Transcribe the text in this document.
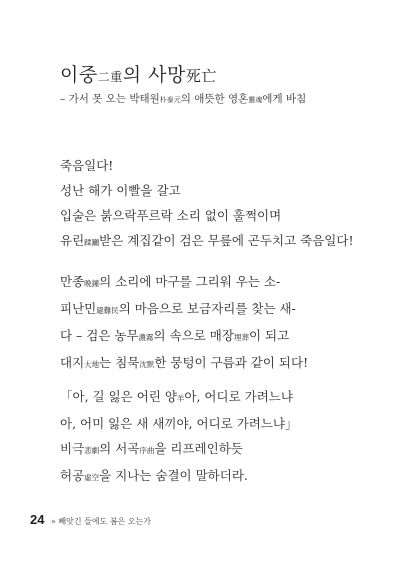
이중二重의 사망死亡
– 가서 못 오는 박태원朴泰元의 애뜻한 영혼靈魂에게 바침
죽음일다!
성난 해가 이빨을 갈고
입술은 붉으락푸르락 소리 없이 훌쩍이며
유린蹂躪받은 계집같이 검은 무릎에 곤두치고 죽음일다!
만종晩鐘의 소리에 마구를 그리워 우는 소-
피난민避難民의 마음으로 보금자리를 찾는 새-
다 – 검은 농무濃霧의 속으로 매장埋葬이 되고
대지大地는 침묵沈默한 뭉텅이 구름과 같이 되다!
「아, 길 잃은 어린 양羊아, 어디로 가려느냐
아, 어미 잃은 새 새끼야, 어디로 가려느냐」
비극悲劇의 서곡序曲을 리프레인하듯
허공虛空을 지나는 숨결이 말하더라.
24 » 빼앗긴 들에도 봄은 오는가
